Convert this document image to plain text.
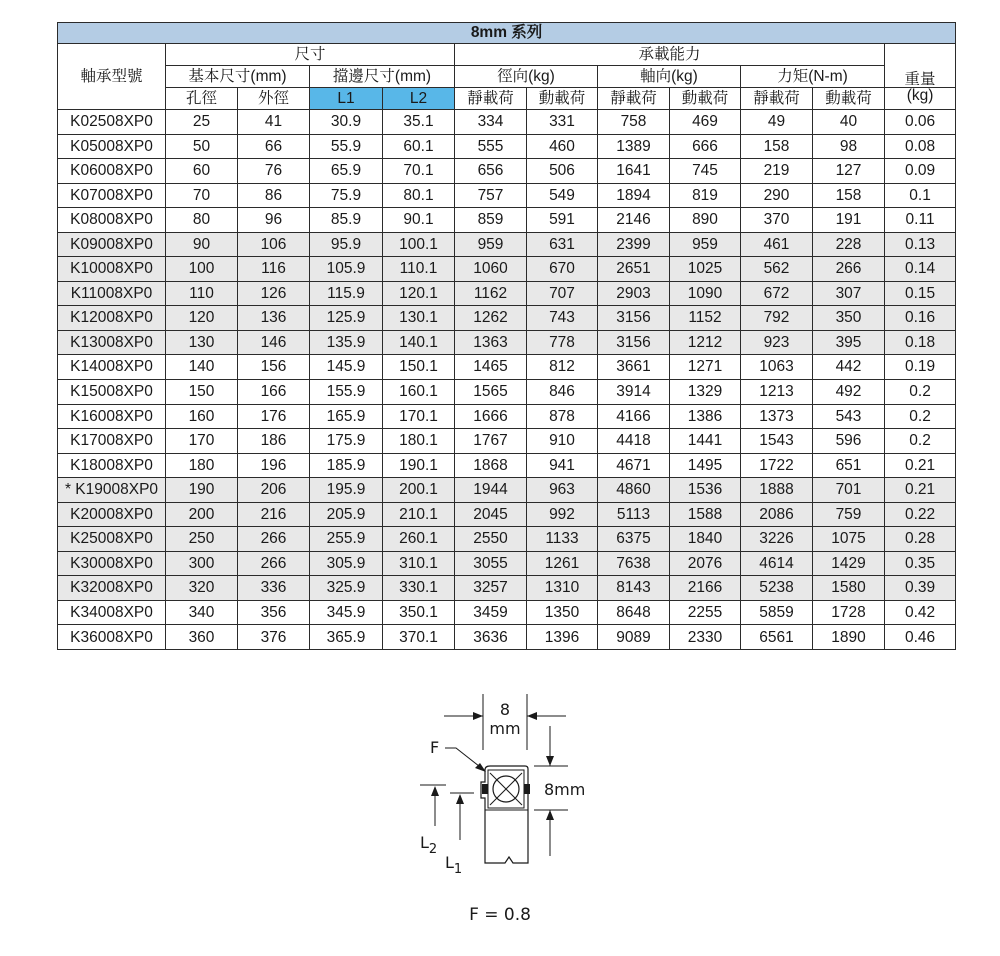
8mm 系列											
軸承型號	尺寸				承載能力						重量
	基本尺寸(mm)		擋邊尺寸(mm)		徑向(kg)		軸向(kg)		力矩(N-m)		
	孔徑	外徑	L1	L2	靜載荷	動載荷	靜載荷	動載荷	靜載荷	動載荷	(kg)
K02508XP0	25	41	30.9	35.1	334	331	758	469	49	40	0.06
K05008XP0	50	66	55.9	60.1	555	460	1389	666	158	98	0.08
K06008XP0	60	76	65.9	70.1	656	506	1641	745	219	127	0.09
K07008XP0	70	86	75.9	80.1	757	549	1894	819	290	158	0.1
K08008XP0	80	96	85.9	90.1	859	591	2146	890	370	191	0.11
K09008XP0	90	106	95.9	100.1	959	631	2399	959	461	228	0.13
K10008XP0	100	116	105.9	110.1	1060	670	2651	1025	562	266	0.14
K11008XP0	110	126	115.9	120.1	1162	707	2903	1090	672	307	0.15
K12008XP0	120	136	125.9	130.1	1262	743	3156	1152	792	350	0.16
K13008XP0	130	146	135.9	140.1	1363	778	3156	1212	923	395	0.18
K14008XP0	140	156	145.9	150.1	1465	812	3661	1271	1063	442	0.19
K15008XP0	150	166	155.9	160.1	1565	846	3914	1329	1213	492	0.2
K16008XP0	160	176	165.9	170.1	1666	878	4166	1386	1373	543	0.2
K17008XP0	170	186	175.9	180.1	1767	910	4418	1441	1543	596	0.2
K18008XP0	180	196	185.9	190.1	1868	941	4671	1495	1722	651	0.21
* K19008XP0	190	206	195.9	200.1	1944	963	4860	1536	1888	701	0.21
K20008XP0	200	216	205.9	210.1	2045	992	5113	1588	2086	759	0.22
K25008XP0	250	266	255.9	260.1	2550	1133	6375	1840	3226	1075	0.28
K30008XP0	300	266	305.9	310.1	3055	1261	7638	2076	4614	1429	0.35
K32008XP0	320	336	325.9	330.1	3257	1310	8143	2166	5238	1580	0.39
K34008XP0	340	356	345.9	350.1	3459	1350	8648	2255	5859	1728	0.42
K36008XP0	360	376	365.9	370.1	3636	1396	9089	2330	6561	1890	0.46
8
mm
F
8mm
$L_2$
$L_1$
F = 0.8
